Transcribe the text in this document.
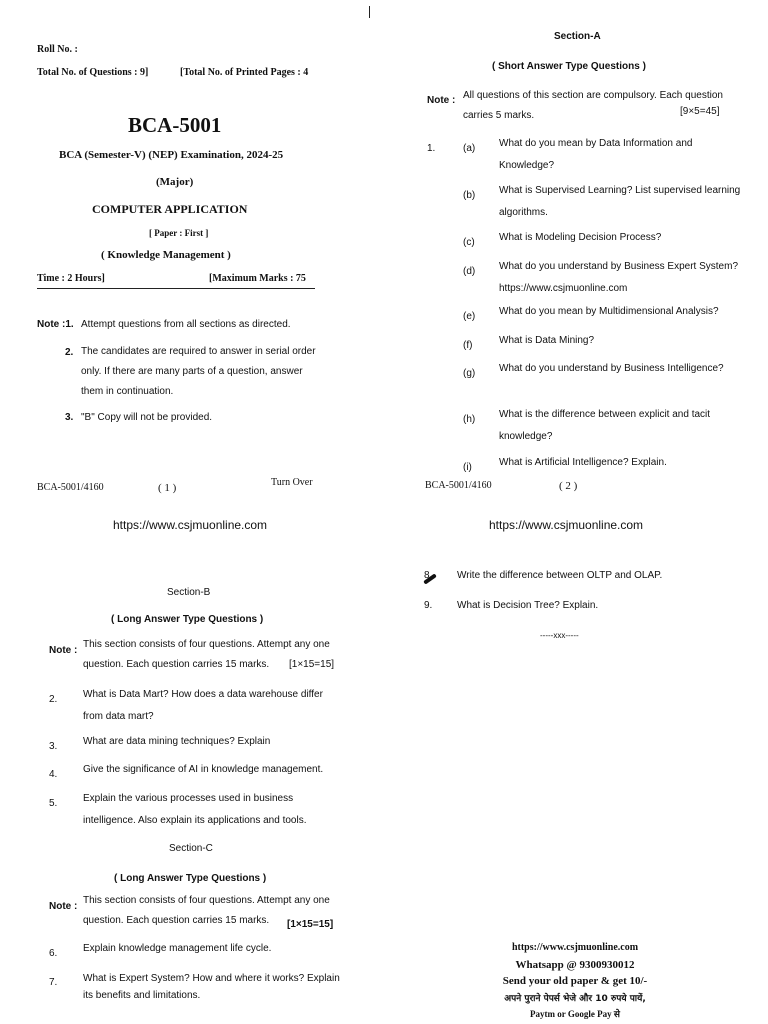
Roll No. :
Total No. of Questions : 9]	[Total No. of Printed Pages : 4
BCA-5001
BCA (Semester-V) (NEP) Examination, 2024-25
(Major)
COMPUTER APPLICATION
[ Paper : First ]
( Knowledge Management )
Time : 2 Hours]	[Maximum Marks : 75
Note :1. Attempt questions from all sections as directed.
2. The candidates are required to answer in serial order only. If there are many parts of a question, answer them in continuation.
3. "B" Copy will not be provided.
BCA-5001/4160	( 1 )	Turn Over
Section-A
( Short Answer Type Questions )
Note : All questions of this section are compulsory. Each question carries 5 marks.	[9×5=45]
1.	(a) What do you mean by Data Information and Knowledge?
(b) What is Supervised Learning? List supervised learning algorithms.
(c) What is Modeling Decision Process?
(d) What do you understand by Business Expert System? https://www.csjmuonline.com
(e) What do you mean by Multidimensional Analysis?
(f)	What is Data Mining?
(g) What do you understand by Business Intelligence?
(h) What is the difference between explicit and tacit knowledge?
(i)	What is Artificial Intelligence? Explain.
BCA-5001/4160	( 2 )
https://www.csjmuonline.com
Section-B
( Long Answer Type Questions )
Note :
This section consists of four questions. Attempt any one question. Each question carries 15 marks.	[1×15=15]
2.	What is Data Mart? How does a data warehouse differ from data mart?
3.	What are data mining techniques? Explain
4.	Give the significance of AI in knowledge management.
5.	Explain the various processes used in business intelligence. Also explain its applications and tools.
Section-C
( Long Answer Type Questions )
Note :
This section consists of four questions. Attempt any one question. Each question carries 15 marks.	[1×15=15]
6.	Explain knowledge management life cycle.
7.	What is Expert System? How and where it works? Explain its benefits and limitations.
https://www.csjmuonline.com
8. Write the difference between OLTP and OLAP.
9. What is Decision Tree? Explain.
-----xxx-----
https://www.csjmuonline.com
Whatsapp @ 9300930012
Send your old paper & get 10/-
अपने पुराने पेपर्स भेजे और 10 रुपये पायें,
Paytm or Google Pay से
